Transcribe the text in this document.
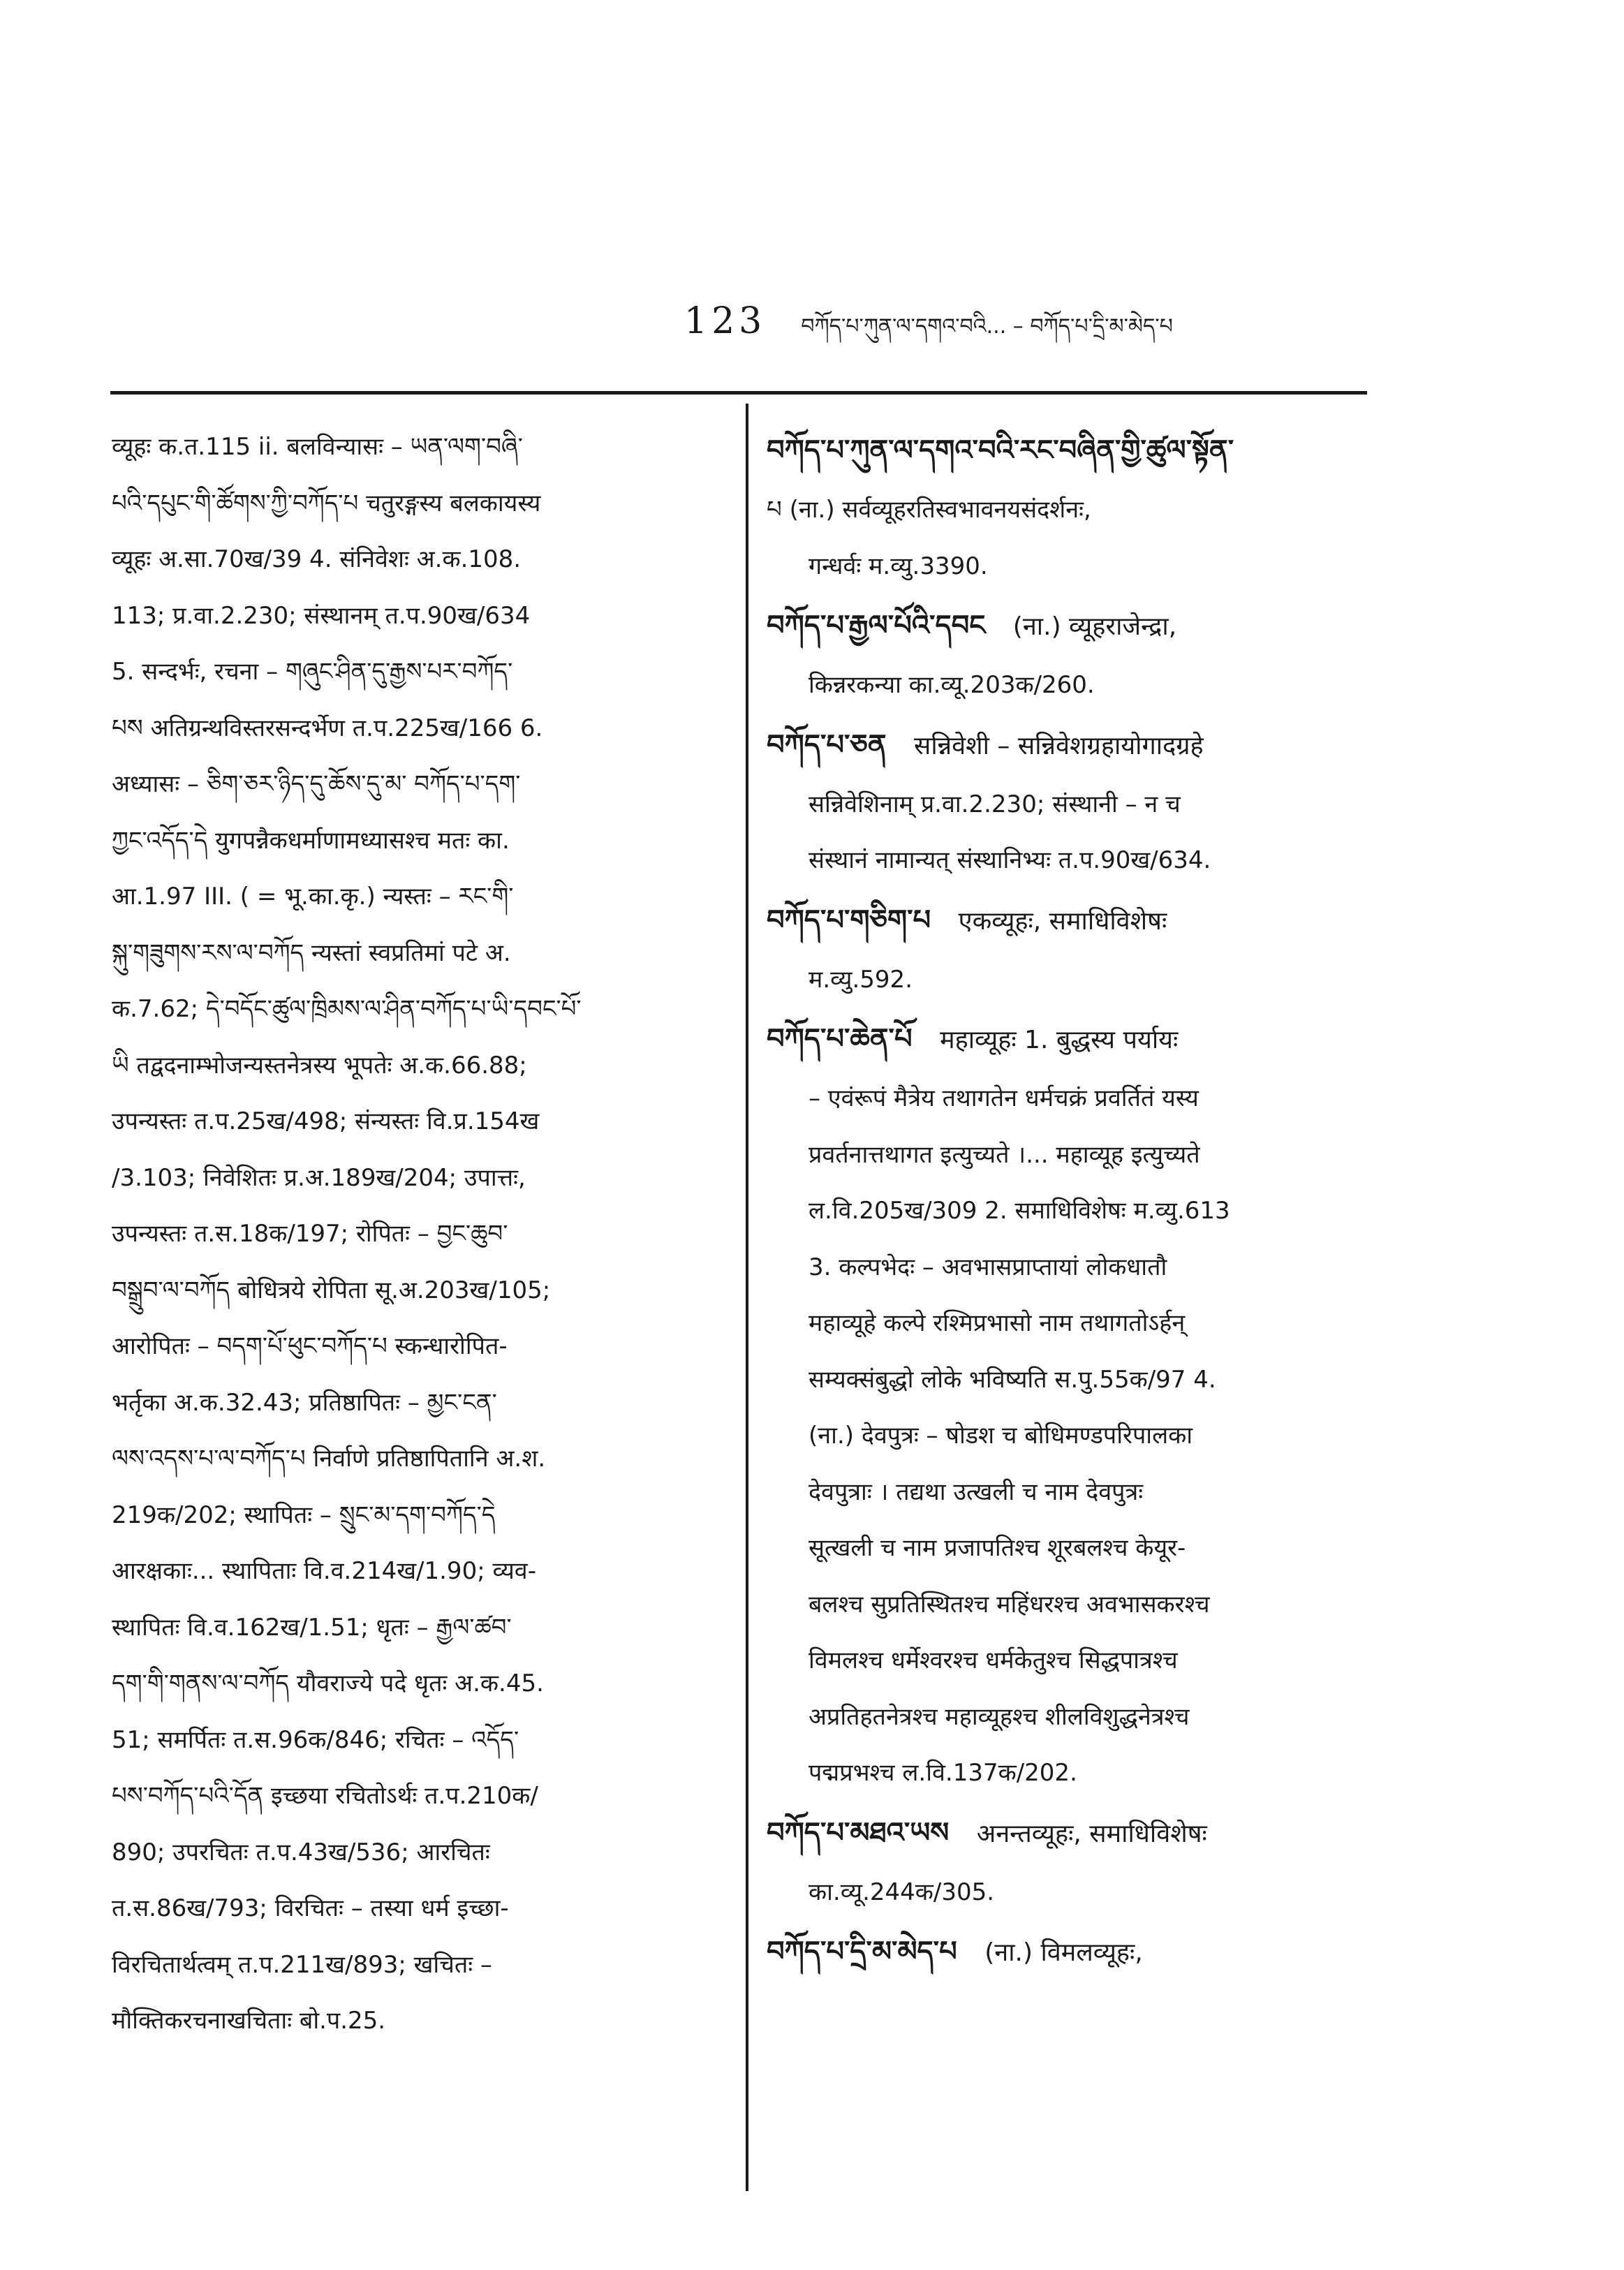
123 བཀོད་པ་ཀུན་ལ་དགའ་བའི... – བཀོད་པ་དྲི་མ་མེད་པ
व्यूहः क.त.115 ii. बलविन्यासः – ཡན་ལག་བཞི་
པའི་དཔུང་གི་ཚོགས་ཀྱི་བཀོད་པ चतुरङ्गस्य बलकायस्य
व्यूहः अ.सा.70ख/39 4. संनिवेशः अ.क.108.
113; प्र.वा.2.230; संस्थानम् त.प.90ख/634
5. सन्दर्भः, रचना – གཞུང་ཤིན་དུ་རྒྱས་པར་བཀོད་
པས अतिग्रन्थविस्तरसन्दर्भेण त.प.225ख/166 6.
अध्यासः – ཅིག་ཅར་ཉིད་དུ་ཆོས་དུ་མ་ བཀོད་པ་དག་
ཀྱང་འདོད་དེ युगपन्नैकधर्माणामध्यासश्च मतः का.
आ.1.97 III. ( = भू.का.कृ.) न्यस्तः – རང་གི་
སྐུ་གཟུགས་རས་ལ་བཀོད न्यस्तां स्वप्रतिमां पटे अ.
क.7.62; དེ་བདོང་ཚུལ་ཁྲིམས་ལ་ཤིན་བཀོད་པ་ཡི་དབང་པོ་
ཡི तद्वदनाम्भोजन्यस्तनेत्रस्य भूपतेः अ.क.66.88;
उपन्यस्तः त.प.25ख/498; संन्यस्तः वि.प्र.154ख
/3.103; निवेशितः प्र.अ.189ख/204; उपात्तः,
उपन्यस्तः त.स.18क/197; रोपितः – བྱང་ཆུབ་
བསྒྲུབ་ལ་བཀོད बोधित्रये रोपिता सू.अ.203ख/105;
आरोपितः – བདག་པོ་ཕུང་བཀོད་པ स्कन्धारोपित-
भर्तृका अ.क.32.43; प्रतिष्ठापितः – མྱང་ངན་
ལས་འདས་པ་ལ་བཀོད་པ निर्वाणे प्रतिष्ठापितानि अ.श.
219क/202; स्थापितः – སྲུང་མ་དག་བཀོད་དེ
आरक्षकाः... स्थापिताः वि.व.214ख/1.90; व्यव-
स्थापितः वि.व.162ख/1.51; धृतः – རྒྱལ་ཚབ་
དག་གི་གནས་ལ་བཀོད यौवराज्ये पदे धृतः अ.क.45.
51; समर्पितः त.स.96क/846; रचितः – འདོད་
པས་བཀོད་པའི་དོན इच्छया रचितोऽर्थः त.प.210क/
890; उपरचितः त.प.43ख/536; आरचितः
त.स.86ख/793; विरचितः – तस्या धर्म इच्छा-
विरचितार्थत्वम् त.प.211ख/893; खचितः –
मौक्तिकरचनाखचिताः बो.प.25.
བཀོད་པ་ཀུན་ལ་དགའ་བའི་རང་བཞིན་གྱི་ཚུལ་སྟོན་
པ (ना.) सर्वव्यूहरतिस्वभावनयसंदर्शनः,
गन्धर्वः म.व्यु.3390.
བཀོད་པ་རྒྱལ་པོའི་དབང (ना.) व्यूहराजेन्द्रा,
किन्नरकन्या का.व्यू.203क/260.
བཀོད་པ་ཅན सन्निवेशी – सन्निवेशग्रहायोगादग्रहे
सन्निवेशिनाम् प्र.वा.2.230; संस्थानी – न च
संस्थानं नामान्यत् संस्थानिभ्यः त.प.90ख/634.
བཀོད་པ་གཅིག་པ एकव्यूहः, समाधिविशेषः
म.व्यु.592.
བཀོད་པ་ཆེན་པོ महाव्यूहः 1. बुद्धस्य पर्यायः
– एवंरूपं मैत्रेय तथागतेन धर्मचक्रं प्रवर्तितं यस्य
प्रवर्तनात्तथागत इत्युच्यते ।... महाव्यूह इत्युच्यते
ल.वि.205ख/309 2. समाधिविशेषः म.व्यु.613
3. कल्पभेदः – अवभासप्राप्तायां लोकधातौ
महाव्यूहे कल्पे रश्मिप्रभासो नाम तथागतोऽर्हन्
सम्यक्संबुद्धो लोके भविष्यति स.पु.55क/97 4.
(ना.) देवपुत्रः – षोडश च बोधिमण्डपरिपालका
देवपुत्राः । तद्यथा उत्खली च नाम देवपुत्रः
सूत्खली च नाम प्रजापतिश्च शूरबलश्च केयूर-
बलश्च सुप्रतिस्थितश्च महिंधरश्च अवभासकरश्च
विमलश्च धर्मेश्वरश्च धर्मकेतुश्च सिद्धपात्रश्च
अप्रतिहतनेत्रश्च महाव्यूहश्च शीलविशुद्धनेत्रश्च
पद्मप्रभश्च ल.वि.137क/202.
བཀོད་པ་མཐའ་ཡས अनन्तव्यूहः, समाधिविशेषः
का.व्यू.244क/305.
བཀོད་པ་དྲི་མ་མེད་པ (ना.) विमलव्यूहः,
